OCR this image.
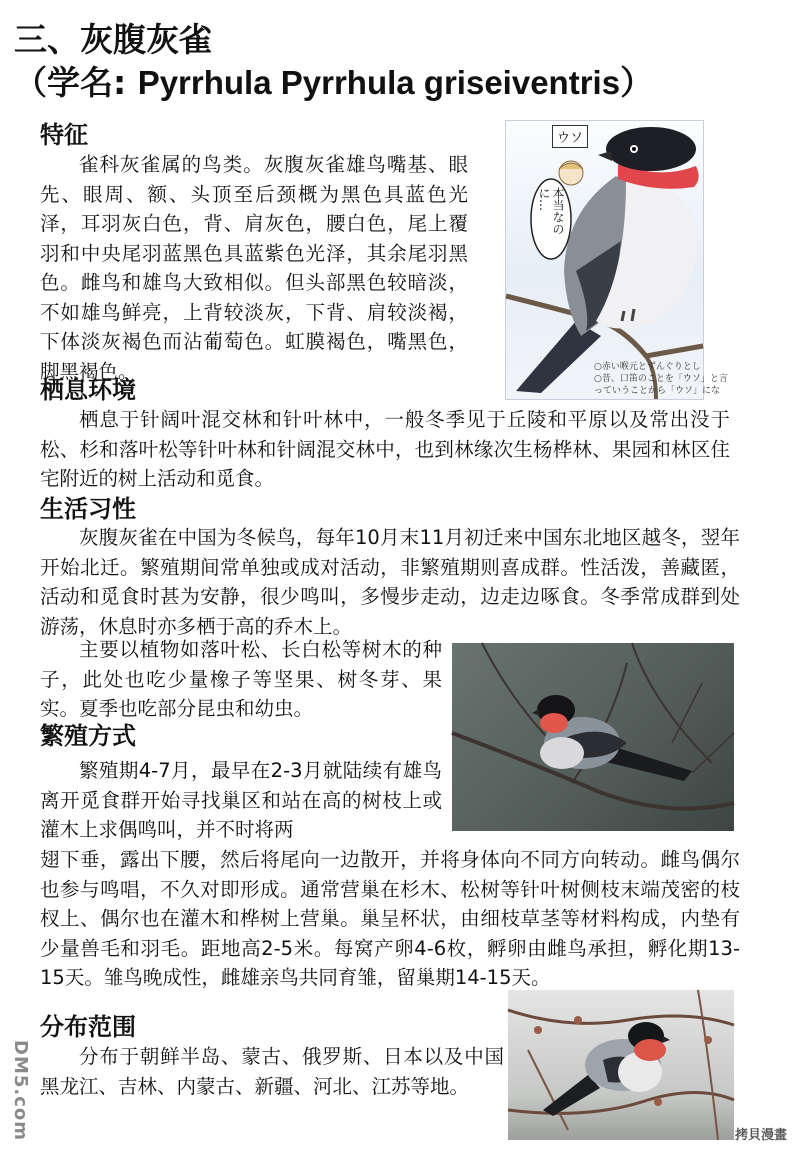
三、灰腹灰雀
（学名: Pyrrhula Pyrrhula griseiventris）
特征

雀科灰雀属的鸟类。灰腹灰雀雄鸟嘴基、眼先、眼周、额、头顶至后颈概为黑色具蓝色光泽，耳羽灰白色，背、肩灰色，腰白色，尾上覆羽和中央尾羽蓝黑色具蓝紫色光泽，其余尾羽黑色。雌鸟和雄鸟大致相似。但头部黑色较暗淡，不如雄鸟鲜亮，上背较淡灰，下背、肩较淡褐，下体淡灰褐色而沾葡萄色。虹膜褐色，嘴黑色，脚黑褐色。

ウソ
本当なのに…
○赤い喉元とずんぐりとし
○昔、口笛のことを「ウソ」と言
っていうことから「ウソ」にな
栖息环境

栖息于针阔叶混交林和针叶林中，一般冬季见于丘陵和平原以及常出没于松、杉和落叶松等针叶林和针阔混交林中，也到林缘次生杨桦林、果园和林区住宅附近的树上活动和觅食。

生活习性

灰腹灰雀在中国为冬候鸟，每年10月末11月初迁来中国东北地区越冬，翌年开始北迁。繁殖期间常单独或成对活动，非繁殖期则喜成群。性活泼，善藏匿，活动和觅食时甚为安静，很少鸣叫，多慢步走动，边走边啄食。冬季常成群到处游荡，休息时亦多栖于高的乔木上。

主要以植物如落叶松、长白松等树木的种子，此处也吃少量橡子等坚果、树冬芽、果实。夏季也吃部分昆虫和幼虫。

繁殖方式

繁殖期4-7月，最早在2-3月就陆续有雄鸟离开觅食群开始寻找巢区和站在高的树枝上或灌木上求偶鸣叫，并不时将两

翅下垂，露出下腰，然后将尾向一边散开，并将身体向不同方向转动。雌鸟偶尔也参与鸣唱，不久对即形成。通常营巢在杉木、松树等针叶树侧枝末端茂密的枝杈上、偶尔也在灌木和桦树上营巢。巢呈杯状，由细枝草茎等材料构成，内垫有少量兽毛和羽毛。距地高2-5米。每窝产卵4-6枚，孵卵由雌鸟承担，孵化期13-15天。雏鸟晚成性，雌雄亲鸟共同育雏，留巢期14-15天。

分布范围

分布于朝鲜半岛、蒙古、俄罗斯、日本以及中国黑龙江、吉林、内蒙古、新疆、河北、江苏等地。

DM5.com	拷貝漫畫
